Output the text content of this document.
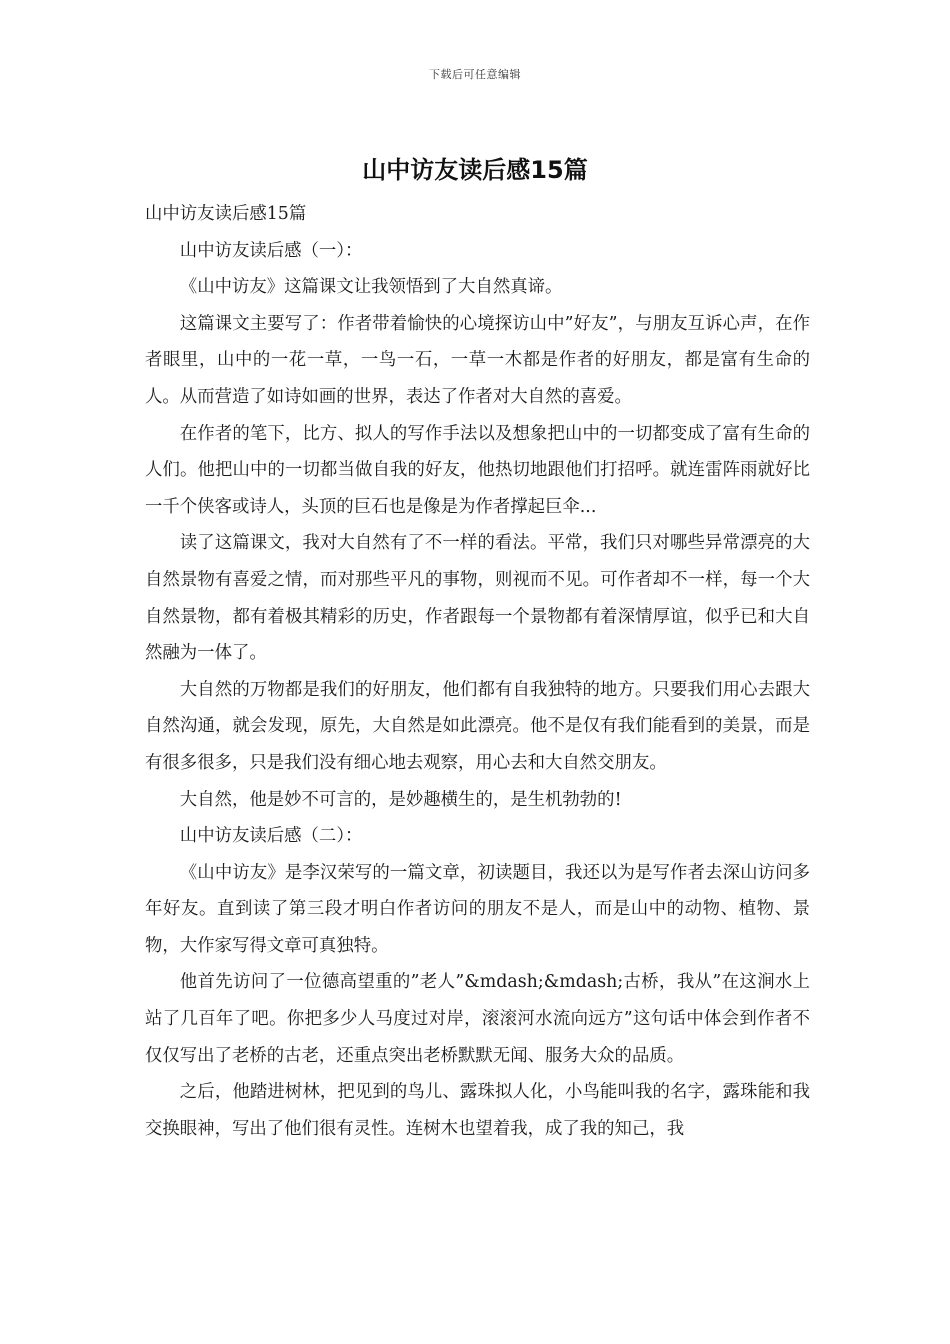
下载后可任意编辑
山中访友读后感15篇

山中访友读后感15篇

山中访友读后感（一）：

《山中访友》这篇课文让我领悟到了大自然真谛。

这篇课文主要写了：作者带着愉快的心境探访山中”好友”，与朋友互诉心声，在作者眼里，山中的一花一草，一鸟一石，一草一木都是作者的好朋友，都是富有生命的人。从而营造了如诗如画的世界，表达了作者对大自然的喜爱。

在作者的笔下，比方、拟人的写作手法以及想象把山中的一切都变成了富有生命的人们。他把山中的一切都当做自我的好友，他热切地跟他们打招呼。就连雷阵雨就好比一千个侠客或诗人，头顶的巨石也是像是为作者撑起巨伞...

读了这篇课文，我对大自然有了不一样的看法。平常，我们只对哪些异常漂亮的大自然景物有喜爱之情，而对那些平凡的事物，则视而不见。可作者却不一样，每一个大自然景物，都有着极其精彩的历史，作者跟每一个景物都有着深情厚谊，似乎已和大自然融为一体了。

大自然的万物都是我们的好朋友，他们都有自我独特的地方。只要我们用心去跟大自然沟通，就会发现，原先，大自然是如此漂亮。他不是仅有我们能看到的美景，而是有很多很多，只是我们没有细心地去观察，用心去和大自然交朋友。

大自然，他是妙不可言的，是妙趣横生的，是生机勃勃的!

山中访友读后感（二）：

《山中访友》是李汉荣写的一篇文章，初读题目，我还以为是写作者去深山访问多年好友。直到读了第三段才明白作者访问的朋友不是人，而是山中的动物、植物、景物，大作家写得文章可真独特。

他首先访问了一位德高望重的”老人”&mdash;&mdash;古桥，我从”在这涧水上站了几百年了吧。你把多少人马度过对岸，滚滚河水流向远方”这句话中体会到作者不仅仅写出了老桥的古老，还重点突出老桥默默无闻、服务大众的品质。

之后，他踏进树林，把见到的鸟儿、露珠拟人化，小鸟能叫我的名字，露珠能和我交换眼神，写出了他们很有灵性。连树木也望着我，成了我的知己，我
